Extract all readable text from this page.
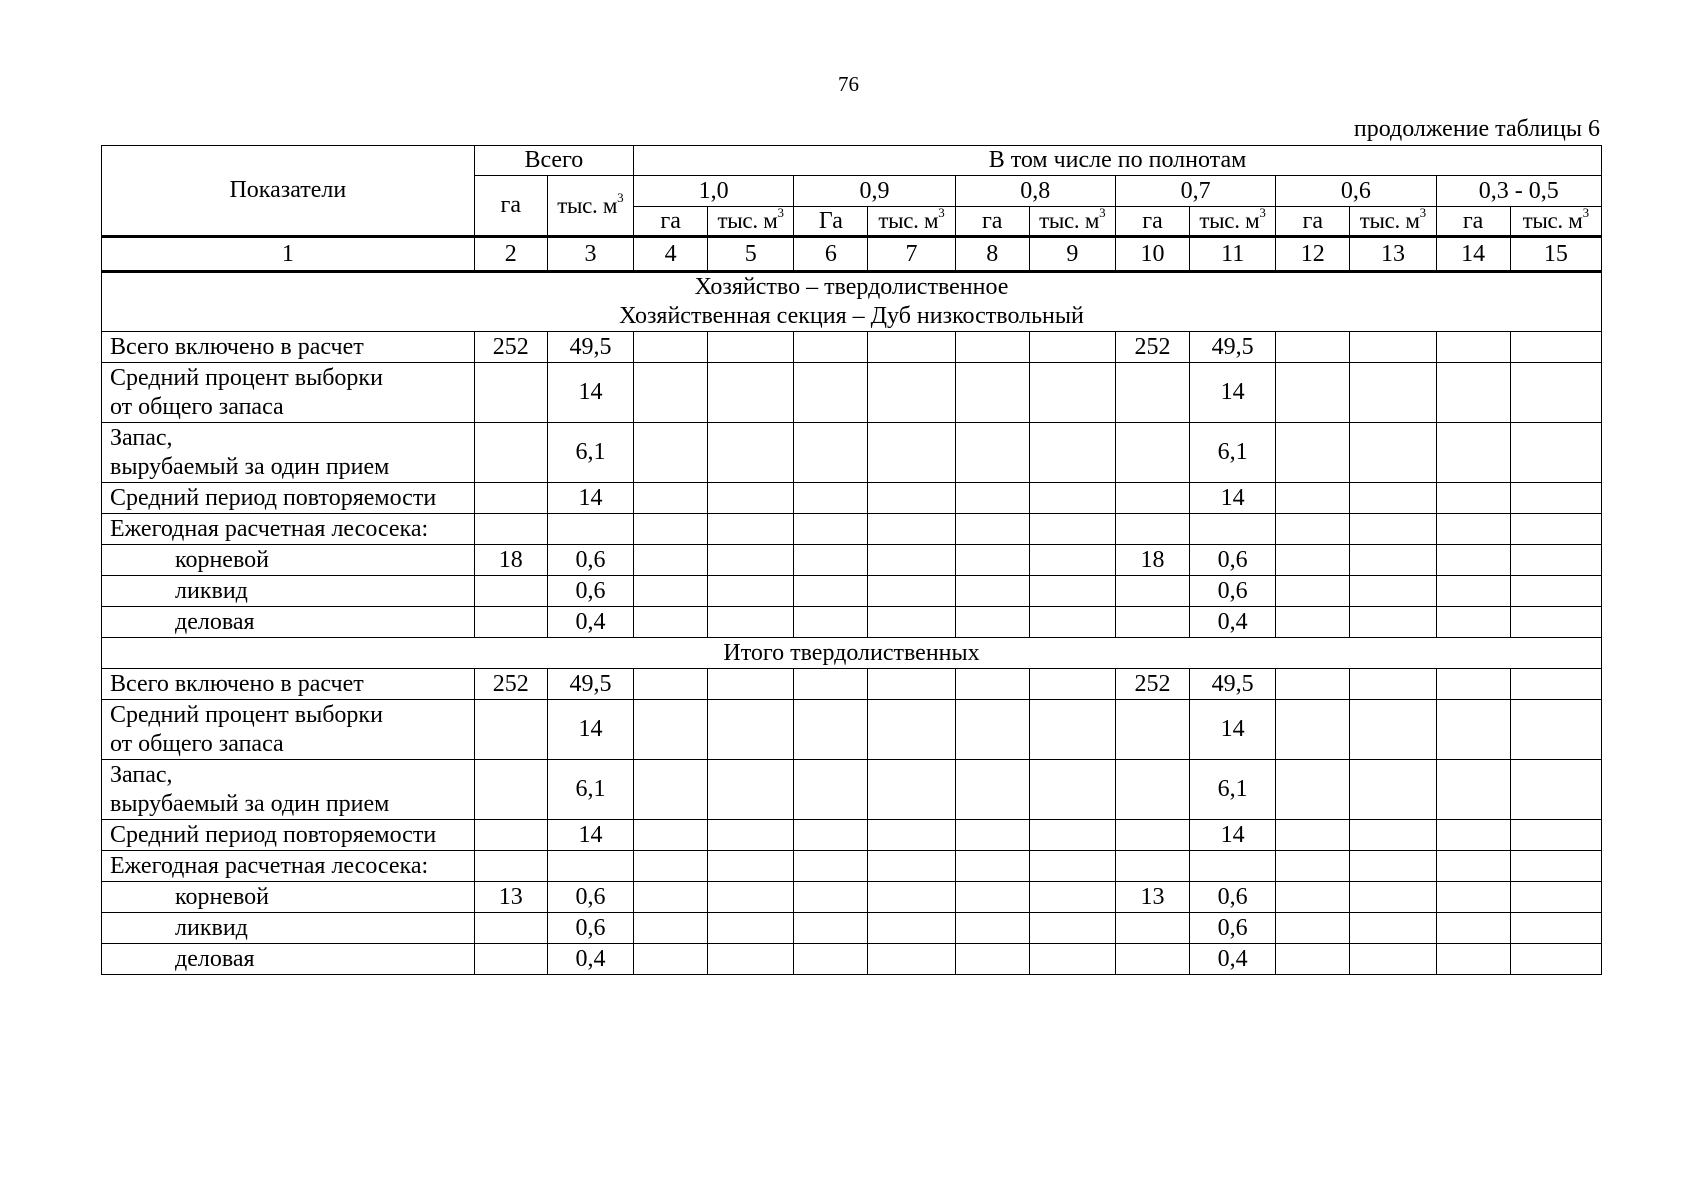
76
продолжение таблицы 6
Показатели	Всего		В том числе по полнотам											
	га	тыс. $м^3$	1,0		0,9		0,8		0,7		0,6		0,3 - 0,5	
			га	тыс. $м^3$	Га	тыс. $м^3$	га	тыс. $м^3$	га	тыс. $м^3$	га	тыс. $м^3$	га	тыс. $м^3$
1	2	3	4	5	6	7	8	9	10	11	12	13	14	15

Хозяйство – твердолиственное
Хозяйственная секция – Дуб низкоствольный														

Всего включено в расчет	252	49,5							252	49,5				

Средний процент выборки
от общего запаса		14								14				

Запас,
вырубаемый за один прием		6,1								6,1				

Средний период повторяемости		14								14				

Ежегодная расчетная лесосека:														

корневой	18	0,6							18	0,6				

ликвид		0,6								0,6				

деловая		0,4								0,4				

Итого твердолиственных														

Всего включено в расчет	252	49,5							252	49,5				

Средний процент выборки
от общего запаса		14								14				

Запас,
вырубаемый за один прием		6,1								6,1				

Средний период повторяемости		14								14				

Ежегодная расчетная лесосека:														

корневой	13	0,6							13	0,6				

ликвид		0,6								0,6				

деловая		0,4								0,4				
